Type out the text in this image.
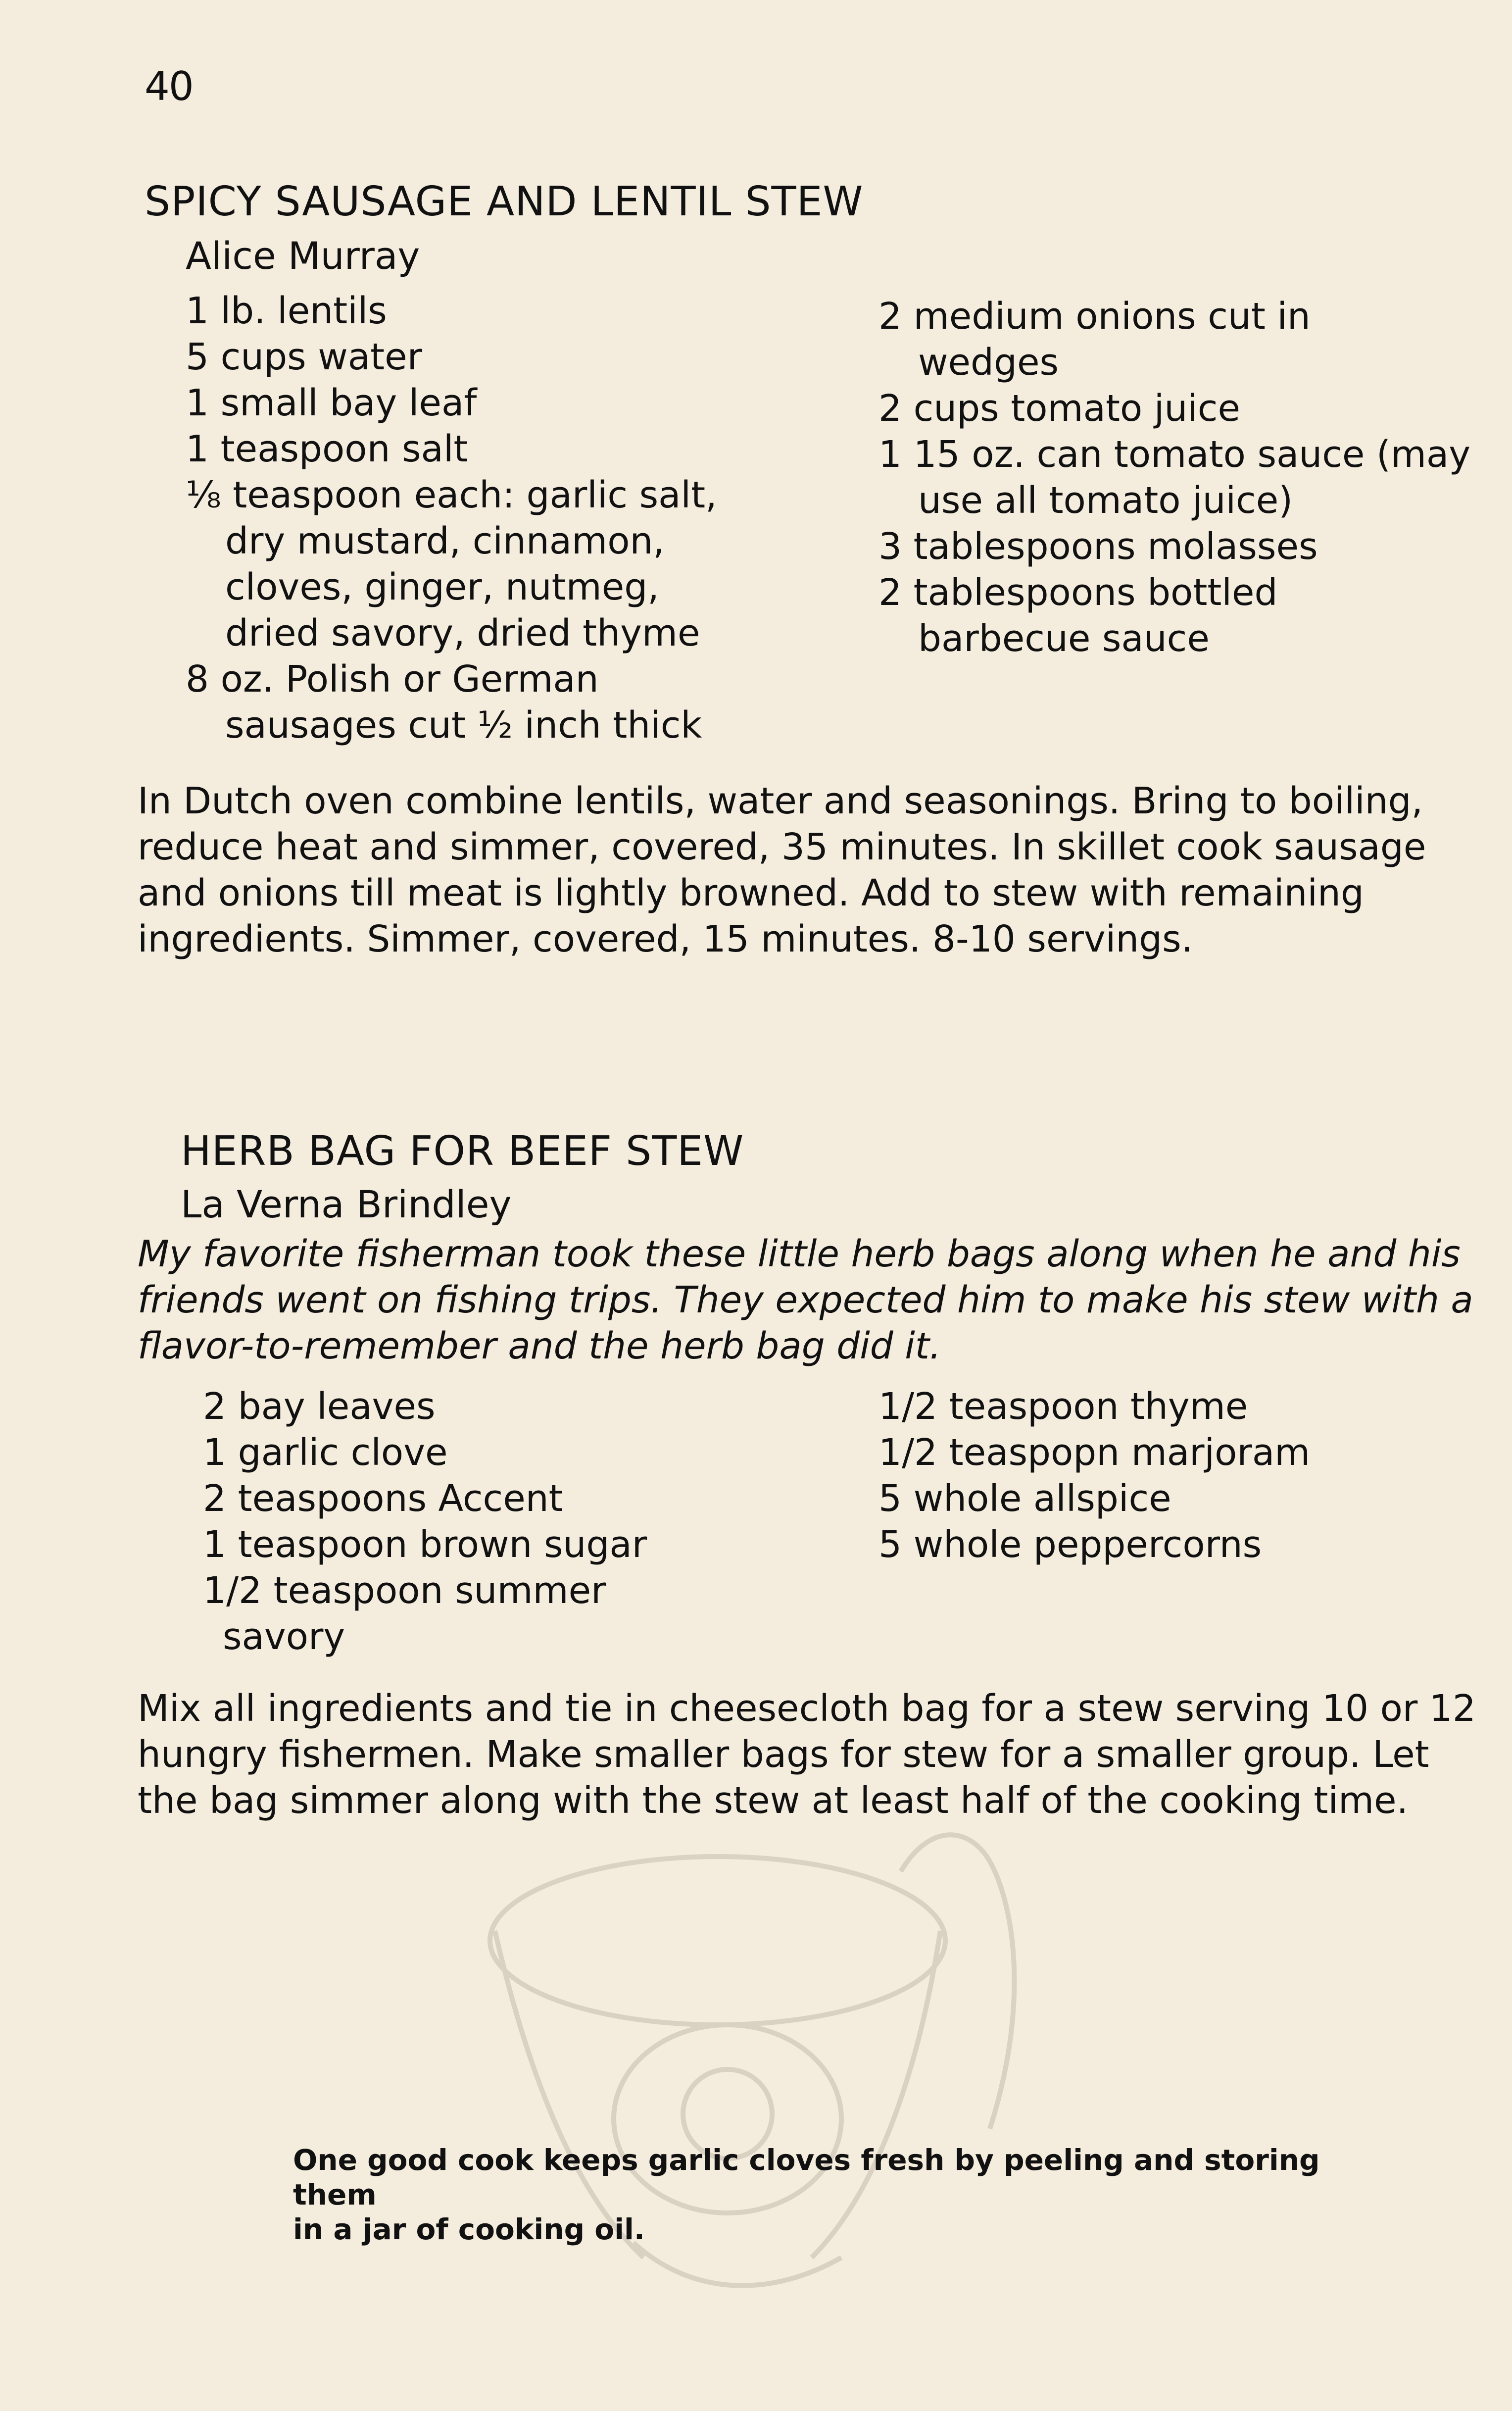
40
SPICY SAUSAGE AND LENTIL STEW
Alice Murray
1 lb. lentils
5 cups water
1 small bay leaf
1 teaspoon salt
⅛ teaspoon each: garlic salt,
dry mustard, cinnamon,
cloves, ginger, nutmeg,
dried savory, dried thyme
8 oz. Polish or German
sausages cut ½ inch thick
2 medium onions cut in
wedges
2 cups tomato juice
1 15 oz. can tomato sauce (may
use all tomato juice)
3 tablespoons molasses
2 tablespoons bottled
barbecue sauce
In Dutch oven combine lentils, water and seasonings. Bring to boiling,
reduce heat and simmer, covered, 35 minutes. In skillet cook sausage
and onions till meat is lightly browned. Add to stew with remaining
ingredients. Simmer, covered, 15 minutes. 8-10 servings.
HERB BAG FOR BEEF STEW
La Verna Brindley
My favorite fisherman took these little herb bags along when he and his
friends went on fishing trips. They expected him to make his stew with a
flavor-to-remember and the herb bag did it.
2 bay leaves
1 garlic clove
2 teaspoons Accent
1 teaspoon brown sugar
1/2 teaspoon summer
savory
1/2 teaspoon thyme
1/2 teaspopn marjoram
5 whole allspice
5 whole peppercorns
Mix all ingredients and tie in cheesecloth bag for a stew serving 10 or 12
hungry fishermen. Make smaller bags for stew for a smaller group. Let
the bag simmer along with the stew at least half of the cooking time.
One good cook keeps garlic cloves fresh by peeling and storing them
in a jar of cooking oil.
